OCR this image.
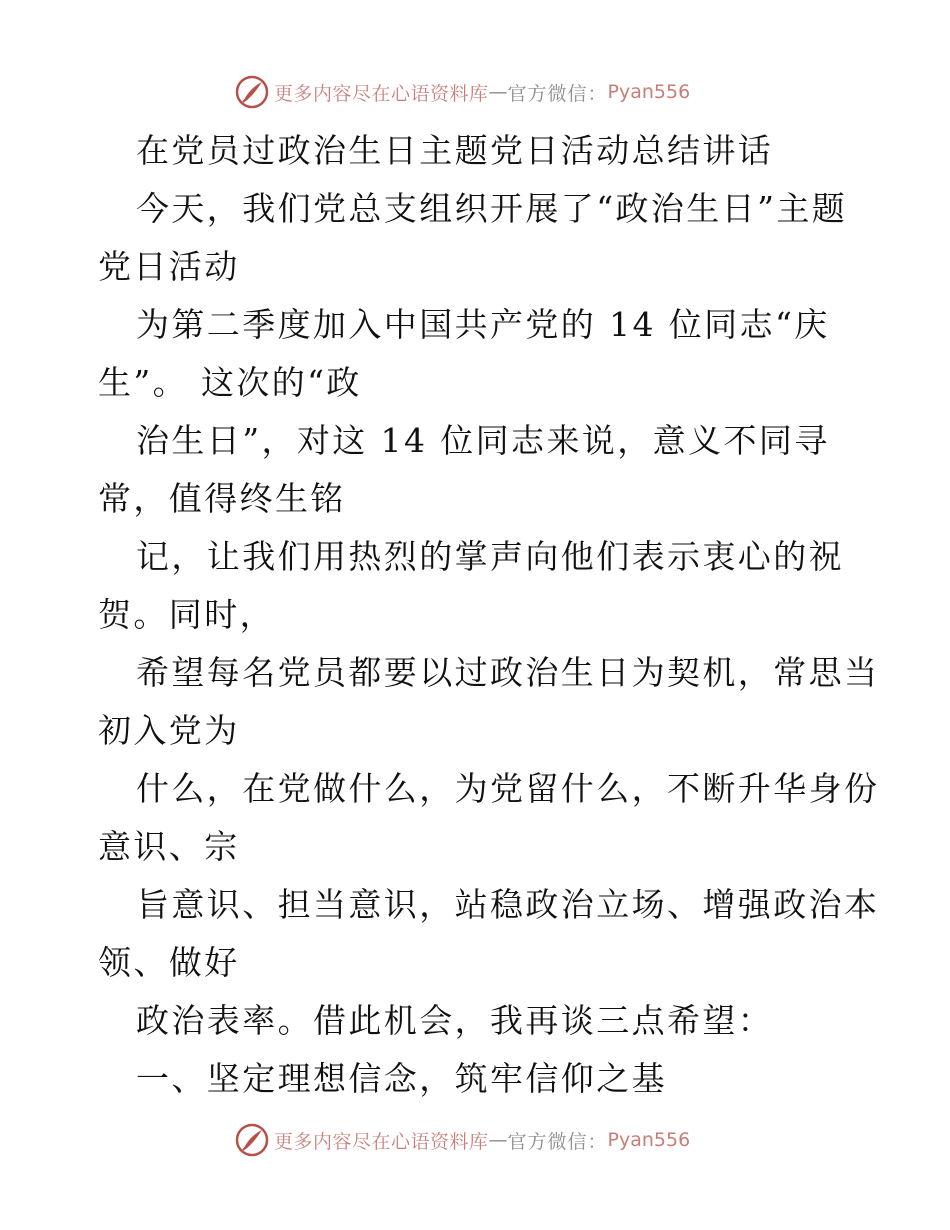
更多内容尽在心语资料库 — 官方微信： Pyan556
在党员过政治生日主题党日活动总结讲话
今天，我们党总支组织开展了“政治生日”主题
党日活动
为第二季度加入中国共产党的 14 位同志“庆
生”。 这次的“政
治生日”，对这 14 位同志来说，意义不同寻
常，值得终生铭
记，让我们用热烈的掌声向他们表示衷心的祝
贺。同时，
希望每名党员都要以过政治生日为契机，常思当
初入党为
什么，在党做什么，为党留什么，不断升华身份
意识、宗
旨意识、担当意识，站稳政治立场、增强政治本
领、做好
政治表率。借此机会，我再谈三点希望：
一、坚定理想信念，筑牢信仰之基
更多内容尽在心语资料库 — 官方微信： Pyan556
